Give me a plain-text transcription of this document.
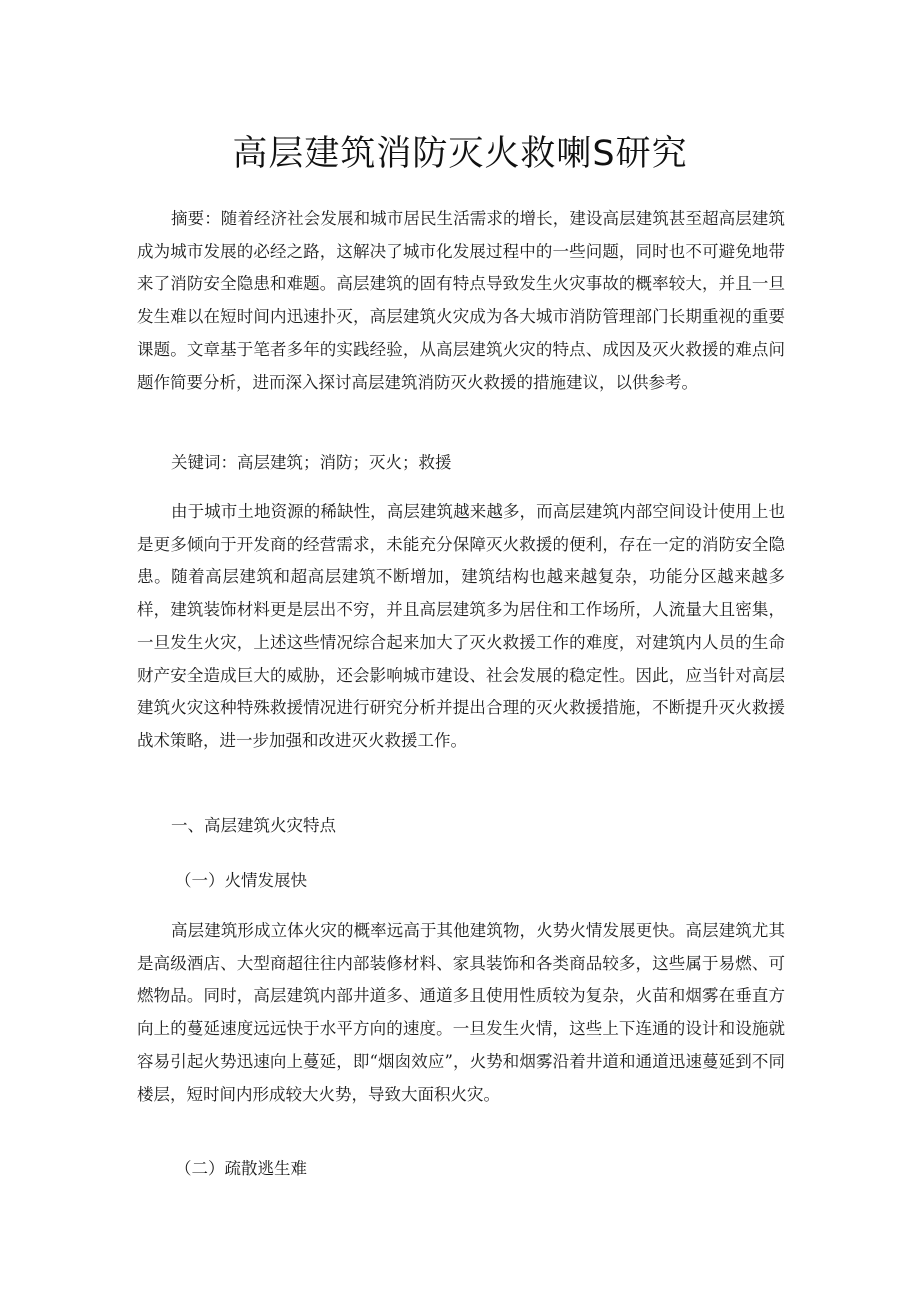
高层建筑消防灭火救喇S研究

摘要：随着经济社会发展和城市居民生活需求的增长，建设高层建筑甚至超高层建筑成为城市发展的必经之路，这解决了城市化发展过程中的一些问题，同时也不可避免地带来了消防安全隐患和难题。高层建筑的固有特点导致发生火灾事故的概率较大，并且一旦发生难以在短时间内迅速扑灭，高层建筑火灾成为各大城市消防管理部门长期重视的重要课题。文章基于笔者多年的实践经验，从高层建筑火灾的特点、成因及灭火救援的难点问题作简要分析，进而深入探讨高层建筑消防灭火救援的措施建议，以供参考。

关键词：高层建筑；消防；灭火；救援

由于城市土地资源的稀缺性，高层建筑越来越多，而高层建筑内部空间设计使用上也是更多倾向于开发商的经营需求，未能充分保障灭火救援的便利，存在一定的消防安全隐患。随着高层建筑和超高层建筑不断增加，建筑结构也越来越复杂，功能分区越来越多样，建筑装饰材料更是层出不穷，并且高层建筑多为居住和工作场所，人流量大且密集，一旦发生火灾，上述这些情况综合起来加大了灭火救援工作的难度，对建筑内人员的生命财产安全造成巨大的威胁，还会影响城市建设、社会发展的稳定性。因此，应当针对高层建筑火灾这种特殊救援情况进行研究分析并提出合理的灭火救援措施，不断提升灭火救援战术策略，进一步加强和改进灭火救援工作。

一、高层建筑火灾特点

（一）火情发展快

高层建筑形成立体火灾的概率远高于其他建筑物，火势火情发展更快。高层建筑尤其是高级酒店、大型商超往往内部装修材料、家具装饰和各类商品较多，这些属于易燃、可燃物品。同时，高层建筑内部井道多、通道多且使用性质较为复杂，火苗和烟雾在垂直方向上的蔓延速度远远快于水平方向的速度。一旦发生火情，这些上下连通的设计和设施就容易引起火势迅速向上蔓延，即“烟囱效应”，火势和烟雾沿着井道和通道迅速蔓延到不同楼层，短时间内形成较大火势，导致大面积火灾。

（二）疏散逃生难
